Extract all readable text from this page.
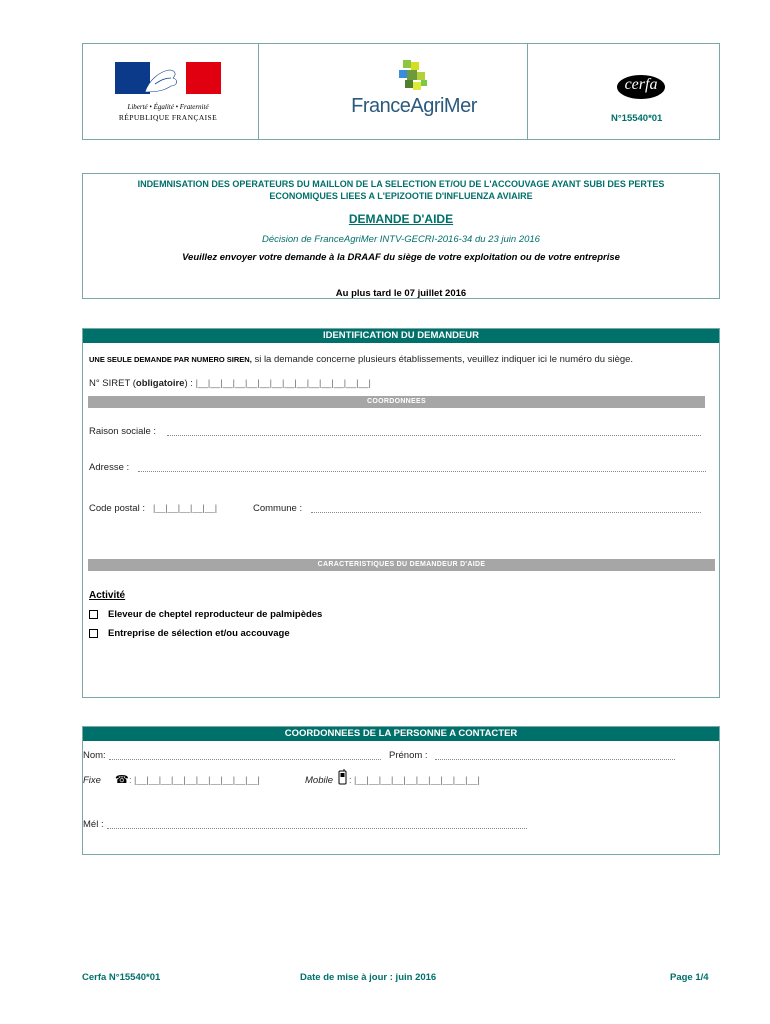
Liberté • Égalité • Fraternité
RÉPUBLIQUE FRANÇAISE
FranceAgriMer
cerfa
N°15540*01
INDEMNISATION DES OPERATEURS DU MAILLON DE LA SELECTION ET/OU DE L'ACCOUVAGE AYANT SUBI DES PERTES
ECONOMIQUES LIEES A L'EPIZOOTIE D'INFLUENZA AVIAIRE
DEMANDE D'AIDE
Décision de FranceAgriMer INTV-GECRI-2016-34 du 23 juin 2016
Veuillez envoyer votre demande à la DRAAF du siège de votre exploitation ou de votre entreprise
Au plus tard le 07 juillet 2016
IDENTIFICATION DU DEMANDEUR
UNE SEULE DEMANDE PAR NUMERO SIREN, si la demande concerne plusieurs établissements, veuillez indiquer ici le numéro du siège.
N° SIRET (obligatoire) : |__|__|__|__|__|__|__|__|__|__|__|__|__|__|
COORDONNEES
Raison sociale :
Adresse :
Code postal : |__|__|__|__|__|	Commune :
CARACTERISTIQUES DU DEMANDEUR D'AIDE
Activité
Eleveur de cheptel reproducteur de palmipèdes
Entreprise de sélection et/ou accouvage
COORDONNEES DE LA PERSONNE A CONTACTER
Nom:	Prénom :
Fixe ☎ : |__|__|__|__|__|__|__|__|__|__|	Mobile : |__|__|__|__|__|__|__|__|__|__|
Mél :
Cerfa N°15540*01	Date de mise à jour : juin 2016	Page 1/4
